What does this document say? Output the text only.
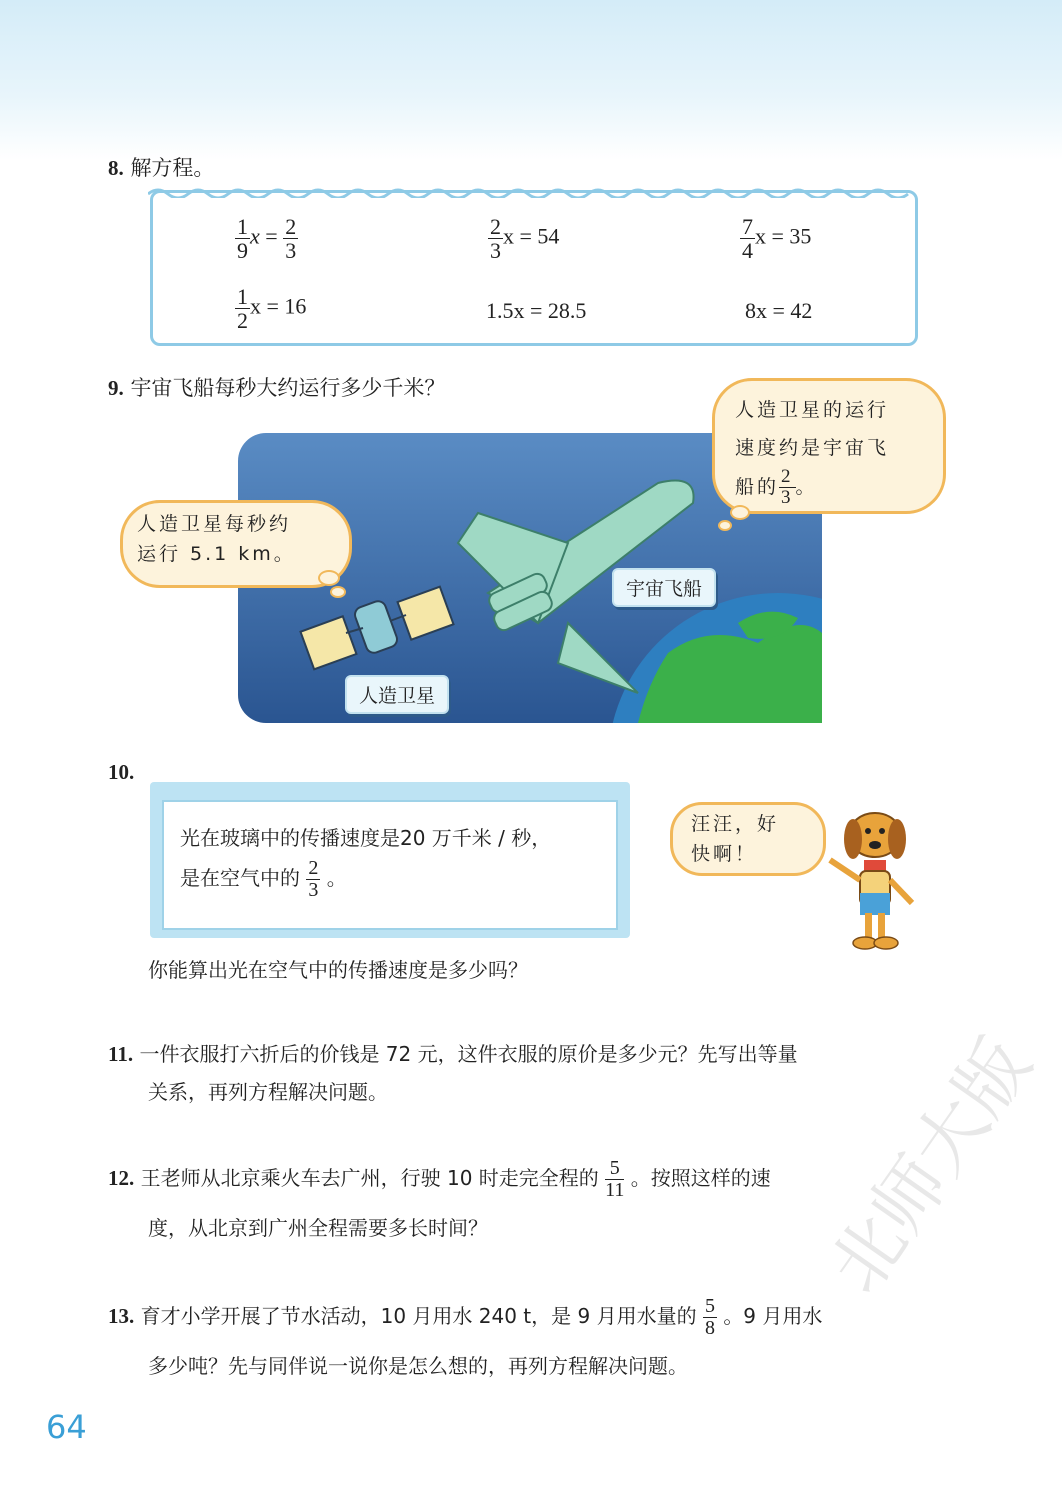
8. 解方程。
$\frac{1}{9}$ $x = \frac{2}{3}$	$\frac{2}{3}$ x = 54	$\frac{7}{4}$ x = 35
$\frac{1}{2}$ x = 16	1.5x = 28.5	8x = 42
9. 宇宙飞船每秒大约运行多少千米？
宇宙飞船
人造卫星
人造卫星每秒约
运行 5.1 km。
人造卫星的运行
速度约是宇宙飞
船的 $\frac{2}{3}$ 。
10.
光在玻璃中的传播速度是20 万千米 / 秒，
是在空气中的 $\frac{2}{3}$ 。
汪汪，好
快啊！
你能算出光在空气中的传播速度是多少吗？
11. 一件衣服打六折后的价钱是 72 元，这件衣服的原价是多少元？先写出等量
关系，再列方程解决问题。
12. 王老师从北京乘火车去广州，行驶 10 时走完全程的 $\frac{5}{11}$ 。按照这样的速
度，从北京到广州全程需要多长时间？
13. 育才小学开展了节水活动，10 月用水 240 t，是 9 月用水量的 $\frac{5}{8}$ 。9 月用水
多少吨？先与同伴说一说你是怎么想的，再列方程解决问题。
64
北师大版
